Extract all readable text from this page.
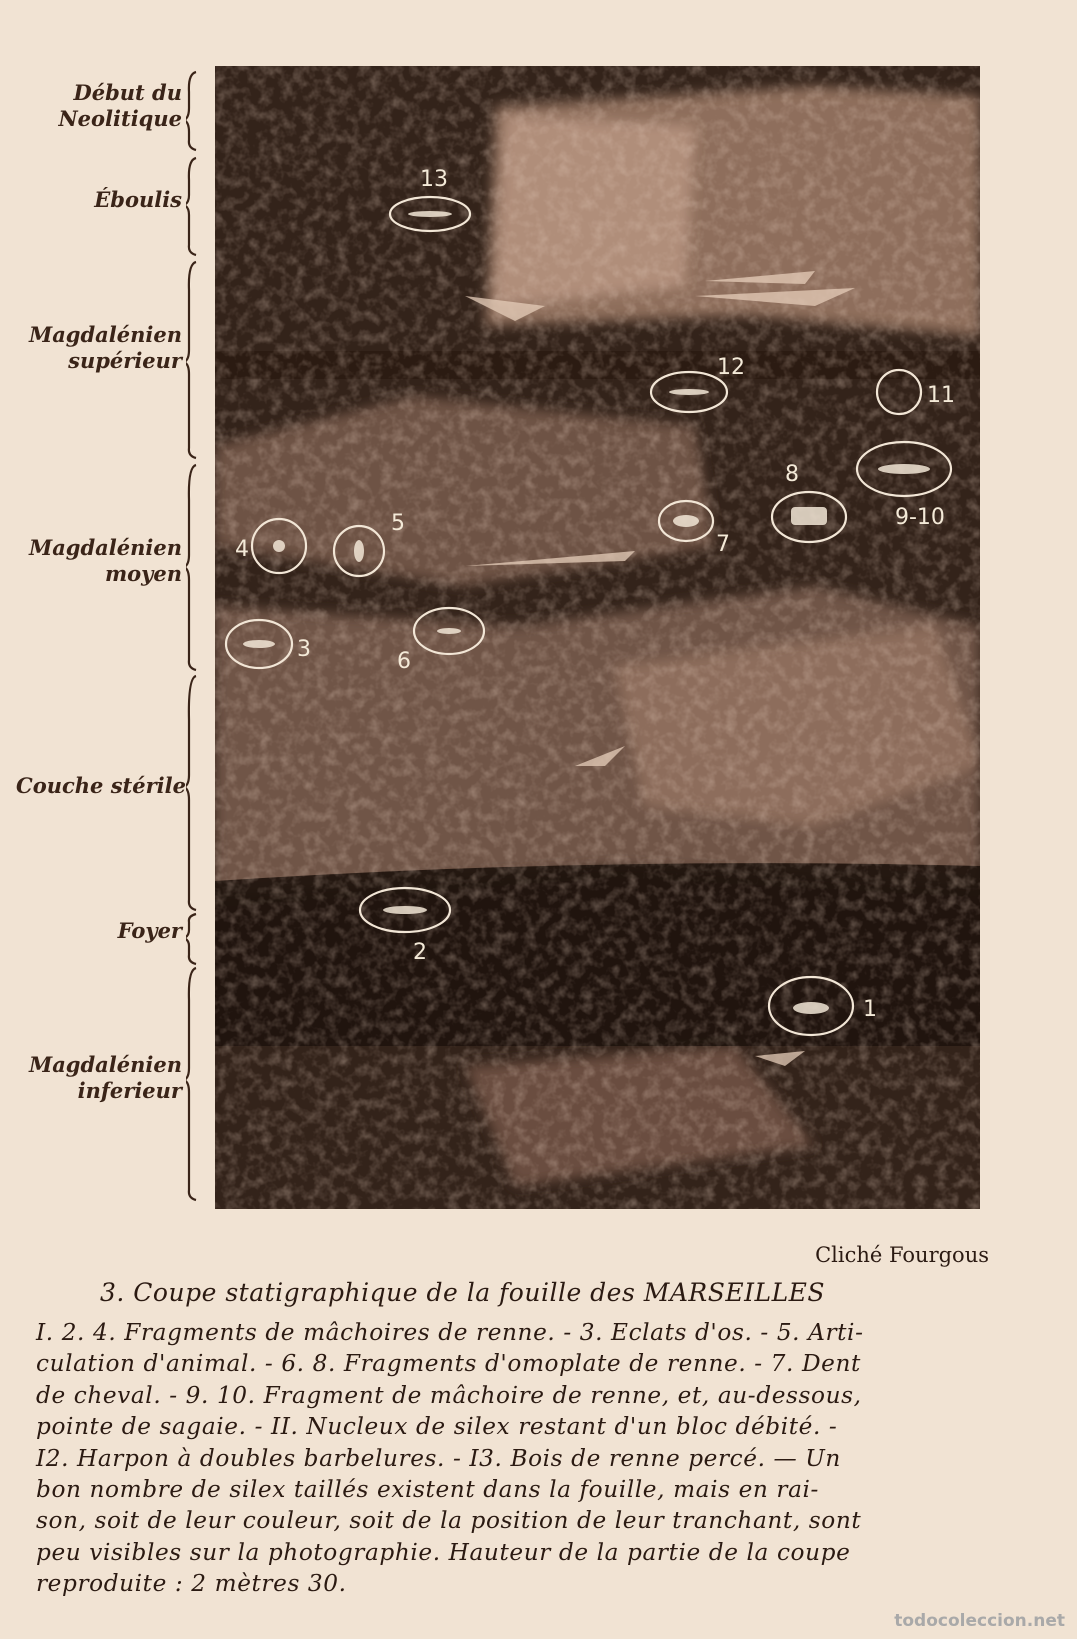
Début du
Neolitique
Éboulis
Magdalénien
supérieur
Magdalénien
moyen
Couche stérile
Foyer
Magdalénien
inferieur
13
12
11
8
9-10
4
5
7
3	6
2
1
Cliché Fourgous
3. Coupe statigraphique de la fouille des MARSEILLES
I. 2. 4. Fragments de mâchoires de renne. - 3. Eclats d'os. - 5. Arti-
culation d'animal. - 6. 8. Fragments d'omoplate de renne. - 7. Dent
de cheval. - 9. 10. Fragment de mâchoire de renne, et, au-dessous,
pointe de sagaie. - II. Nucleux de silex restant d'un bloc débité. -
I2. Harpon à doubles barbelures. - I3. Bois de renne percé. — Un
bon nombre de silex taillés existent dans la fouille, mais en rai-
son, soit de leur couleur, soit de la position de leur tranchant, sont
peu visibles sur la photographie. Hauteur de la partie de la coupe
reproduite : 2 mètres 30.
todocoleccion.net
